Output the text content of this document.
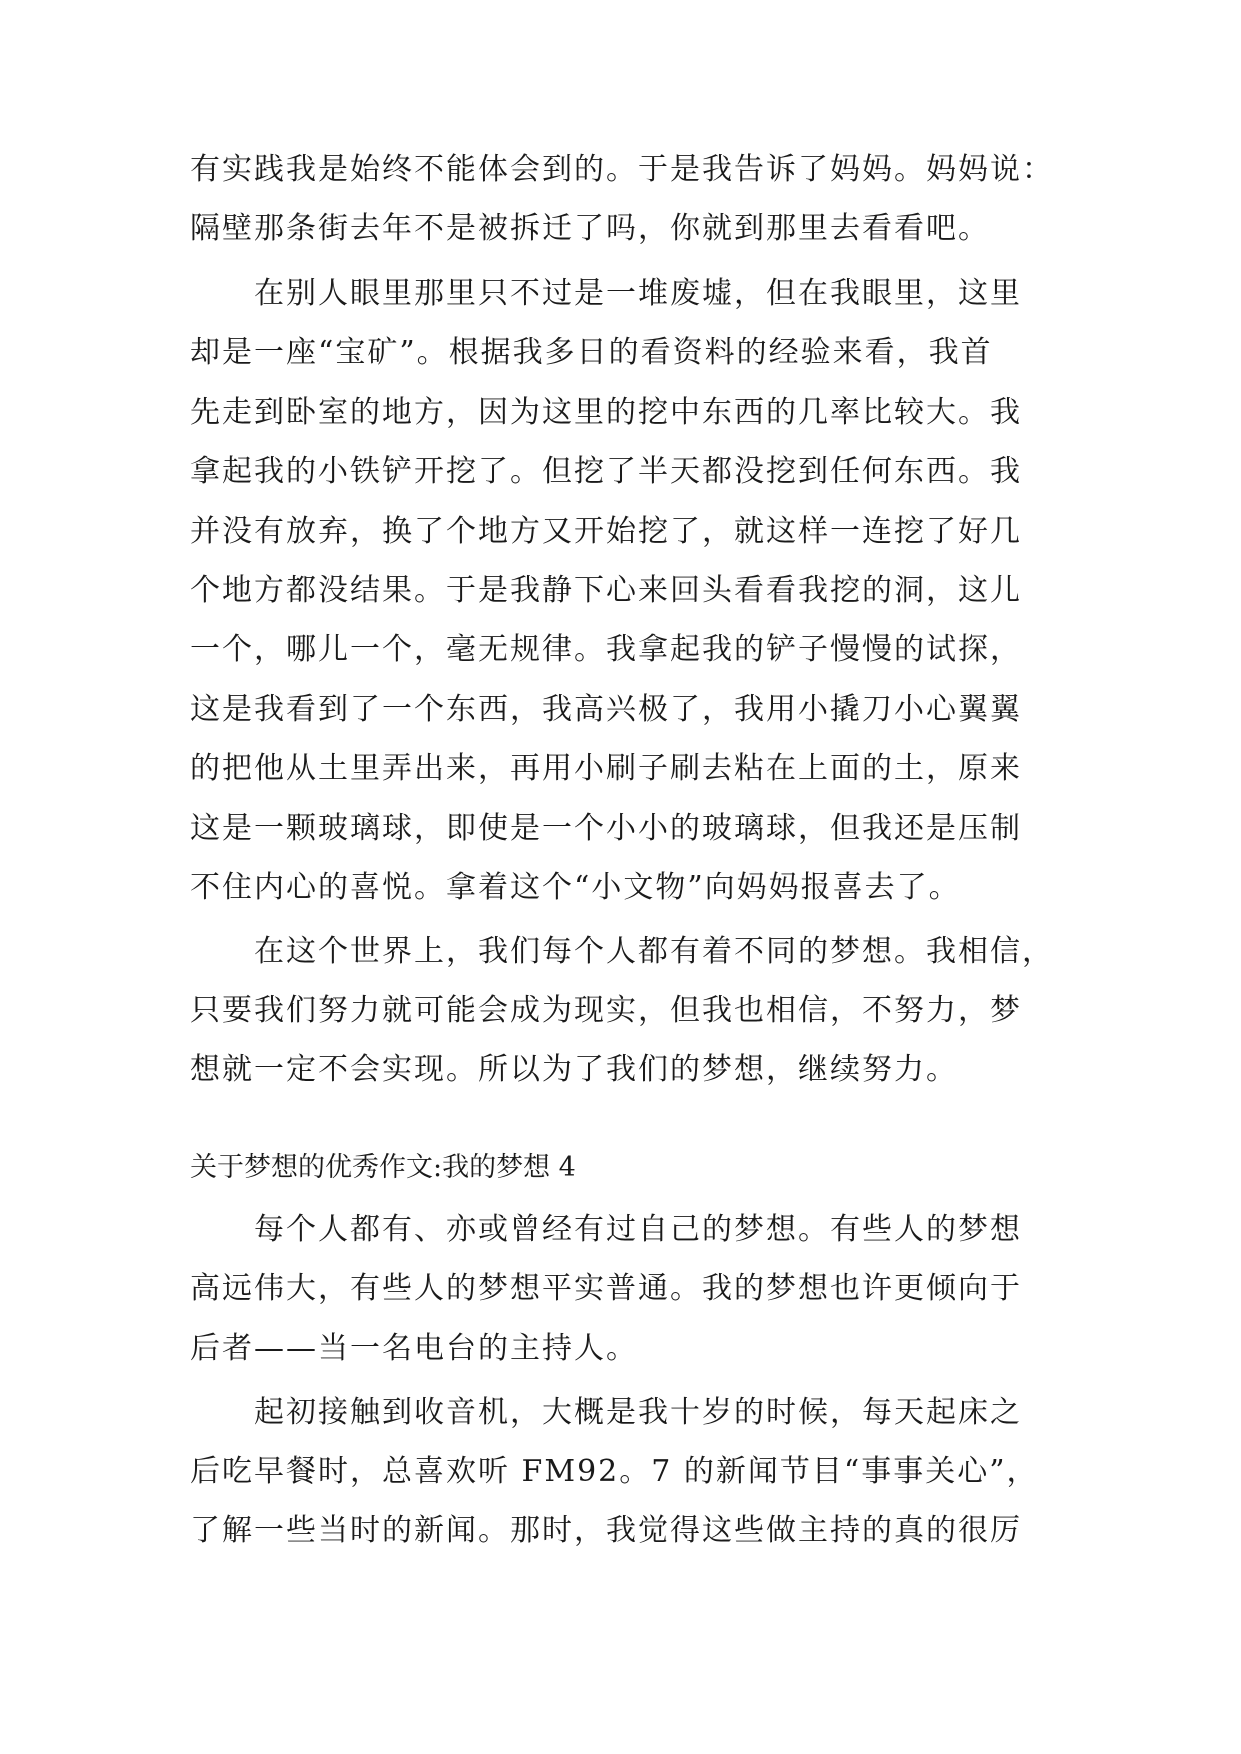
有实践我是始终不能体会到的。于是我告诉了妈妈。妈妈说：

隔壁那条街去年不是被拆迁了吗，你就到那里去看看吧。

在别人眼里那里只不过是一堆废墟，但在我眼里，这里

却是一座“宝矿”。根据我多日的看资料的经验来看，我首

先走到卧室的地方，因为这里的挖中东西的几率比较大。我

拿起我的小铁铲开挖了。但挖了半天都没挖到任何东西。我

并没有放弃，换了个地方又开始挖了，就这样一连挖了好几

个地方都没结果。于是我静下心来回头看看我挖的洞，这儿

一个，哪儿一个，毫无规律。我拿起我的铲子慢慢的试探，

这是我看到了一个东西，我高兴极了，我用小撬刀小心翼翼

的把他从土里弄出来，再用小刷子刷去粘在上面的土，原来

这是一颗玻璃球，即使是一个小小的玻璃球，但我还是压制

不住内心的喜悦。拿着这个“小文物”向妈妈报喜去了。

在这个世界上，我们每个人都有着不同的梦想。我相信，

只要我们努力就可能会成为现实，但我也相信，不努力，梦

想就一定不会实现。所以为了我们的梦想，继续努力。

关于梦想的优秀作文:我的梦想 4

每个人都有、亦或曾经有过自己的梦想。有些人的梦想

高远伟大，有些人的梦想平实普通。我的梦想也许更倾向于

后者——当一名电台的主持人。

起初接触到收音机，大概是我十岁的时候，每天起床之

后吃早餐时，总喜欢听 FM92。7 的新闻节目“事事关心”，

了解一些当时的新闻。那时，我觉得这些做主持的真的很厉
